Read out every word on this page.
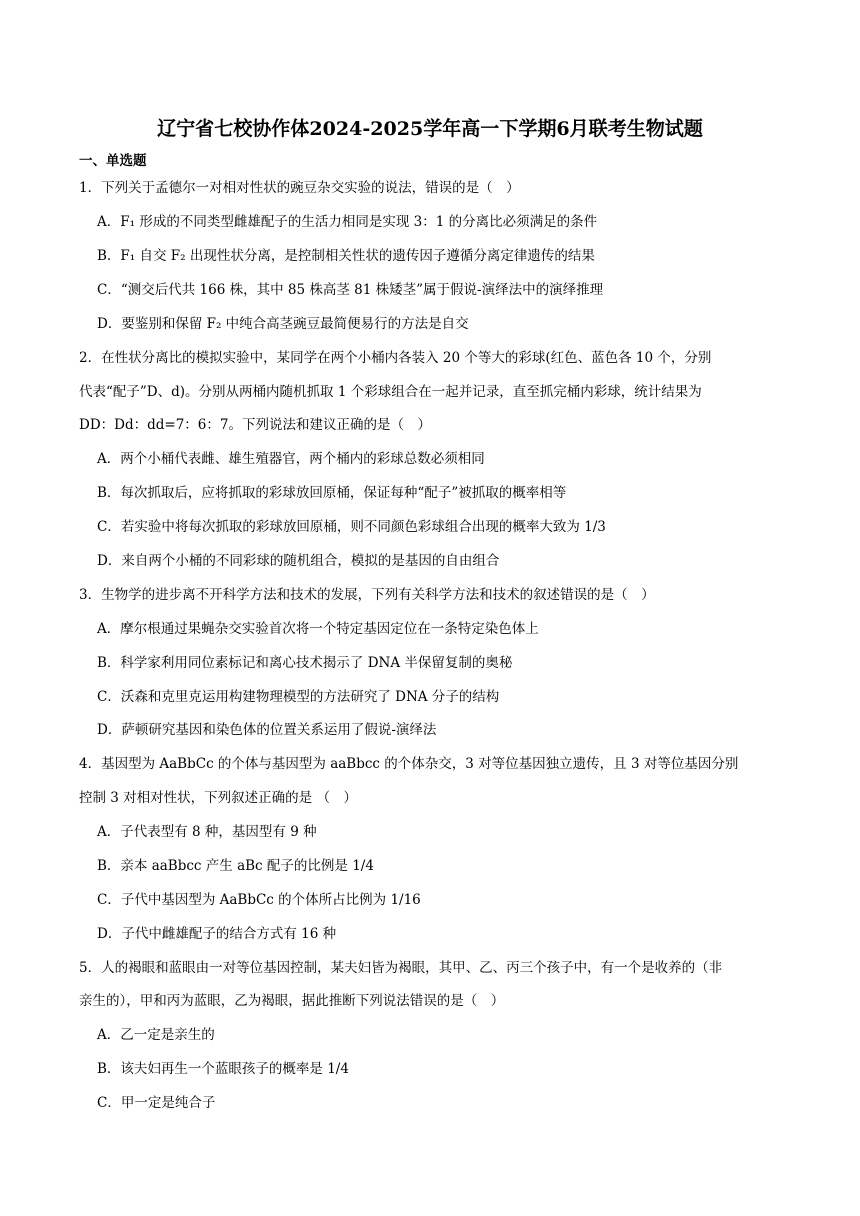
辽宁省七校协作体2024-2025学年高一下学期6月联考生物试题
一、单选题
1．下列关于孟德尔一对相对性状的豌豆杂交实验的说法，错误的是（　）
A．F₁ 形成的不同类型雌雄配子的生活力相同是实现 3：1 的分离比必须满足的条件
B．F₁ 自交 F₂ 出现性状分离，是控制相关性状的遗传因子遵循分离定律遗传的结果
C．“测交后代共 166 株，其中 85 株高茎 81 株矮茎”属于假说-演绎法中的演绎推理
D．要鉴别和保留 F₂ 中纯合高茎豌豆最简便易行的方法是自交
2．在性状分离比的模拟实验中，某同学在两个小桶内各装入 20 个等大的彩球(红色、蓝色各 10 个，分别
代表“配子”D、d)。分别从两桶内随机抓取 1 个彩球组合在一起并记录，直至抓完桶内彩球，统计结果为
DD：Dd：dd=7：6：7。下列说法和建议正确的是（　）
A．两个小桶代表雌、雄生殖器官，两个桶内的彩球总数必须相同
B．每次抓取后，应将抓取的彩球放回原桶，保证每种“配子”被抓取的概率相等
C．若实验中将每次抓取的彩球放回原桶，则不同颜色彩球组合出现的概率大致为 1/3
D．来自两个小桶的不同彩球的随机组合，模拟的是基因的自由组合
3．生物学的进步离不开科学方法和技术的发展，下列有关科学方法和技术的叙述错误的是（　）
A．摩尔根通过果蝇杂交实验首次将一个特定基因定位在一条特定染色体上
B．科学家利用同位素标记和离心技术揭示了 DNA 半保留复制的奥秘
C．沃森和克里克运用构建物理模型的方法研究了 DNA 分子的结构
D．萨顿研究基因和染色体的位置关系运用了假说-演绎法
4．基因型为 AaBbCc 的个体与基因型为 aaBbcc 的个体杂交，3 对等位基因独立遗传，且 3 对等位基因分别
控制 3 对相对性状，下列叙述正确的是 （　）
A．子代表型有 8 种，基因型有 9 种
B．亲本 aaBbcc 产生 aBc 配子的比例是 1/4
C．子代中基因型为 AaBbCc 的个体所占比例为 1/16
D．子代中雌雄配子的结合方式有 16 种
5．人的褐眼和蓝眼由一对等位基因控制，某夫妇皆为褐眼，其甲、乙、丙三个孩子中，有一个是收养的（非
亲生的），甲和丙为蓝眼，乙为褐眼，据此推断下列说法错误的是（　）
A．乙一定是亲生的
B．该夫妇再生一个蓝眼孩子的概率是 1/4
C．甲一定是纯合子
